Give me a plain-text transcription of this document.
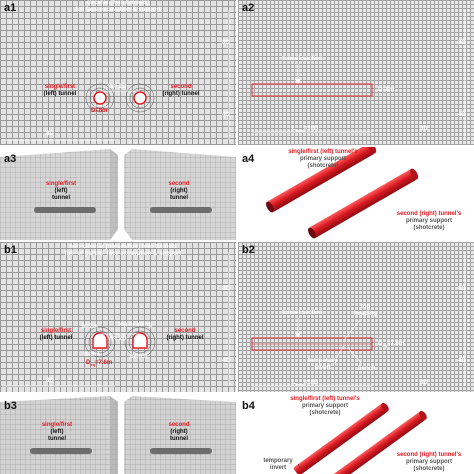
a1	circular (twin tunnels)
full face excavation & support
single/first
(left) tunnel
second
(right) tunnel
W= 2D
D=8m
8D
8D
4D
a2
tunnel section
D=8m
$L_{max}=10D$	8D
8D
4D
a3
single/first
(left)
tunnel
second
(right)
tunnel
a4
single/first (left) tunnel's
primary support
(shotcrete)
second (right) tunnel's
primary support
(shotcrete)
b1	non-circular (horseshoe) twin tunnels
full- or partial- face excavation & support
single/first
(left) tunnel
second
(right) tunnel
h=7m
b=8m
W= 2D
top heading
bench
$D_{eq}=7.6m$
8D
8D
4D
b2
tunnel section
top
heading
temporary
invert	bench
$D_{eq}=7.6m$
$L_{max}=10D$	8D
8D
4D
b3
single/first
(left)
tunnel
second
(right)
tunnel
b4
single/first (left) tunnel's
primary support
(shotcrete)
second (right) tunnel's
primary support
(shotcrete)
temporary
invert
